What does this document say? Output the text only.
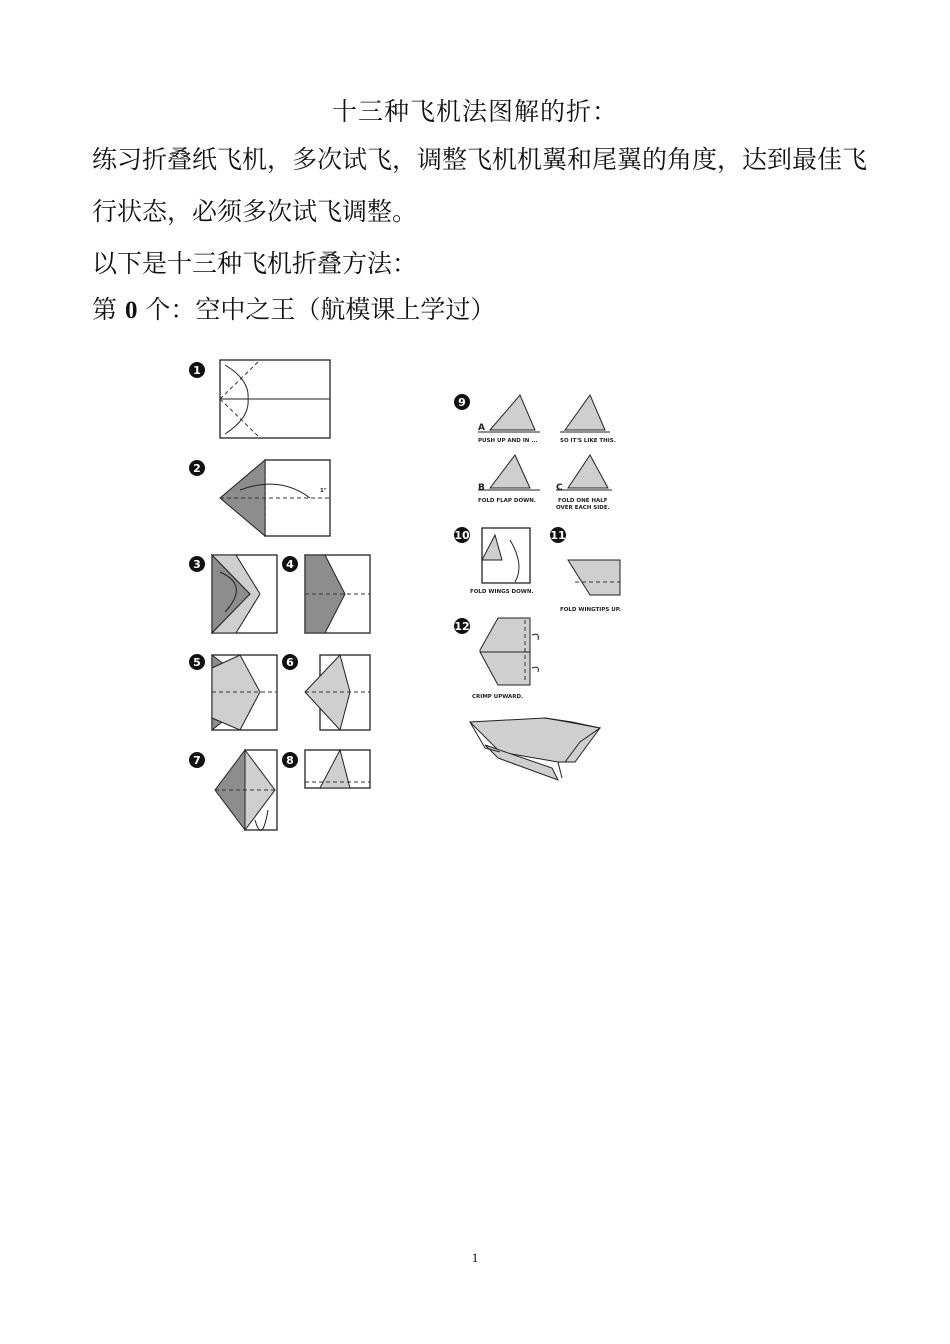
十三种飞机法图解的折：
练习折叠纸飞机，多次试飞，调整飞机机翼和尾翼的角度，达到最佳飞行状态，必须多次试飞调整。
以下是十三种飞机折叠方法：
第 0 个：空中之王（航模课上学过）
1
2
1"
3	4
5	6
7	8
9
A
PUSH UP AND IN ...	SO IT'S LIKE THIS.
B
FOLD FLAP DOWN.
C
FOLD ONE HALF
OVER EACH SIDE.
10
FOLD WINGS DOWN.
11
FOLD WINGTIPS UP.
12
CRIMP UPWARD.
1
